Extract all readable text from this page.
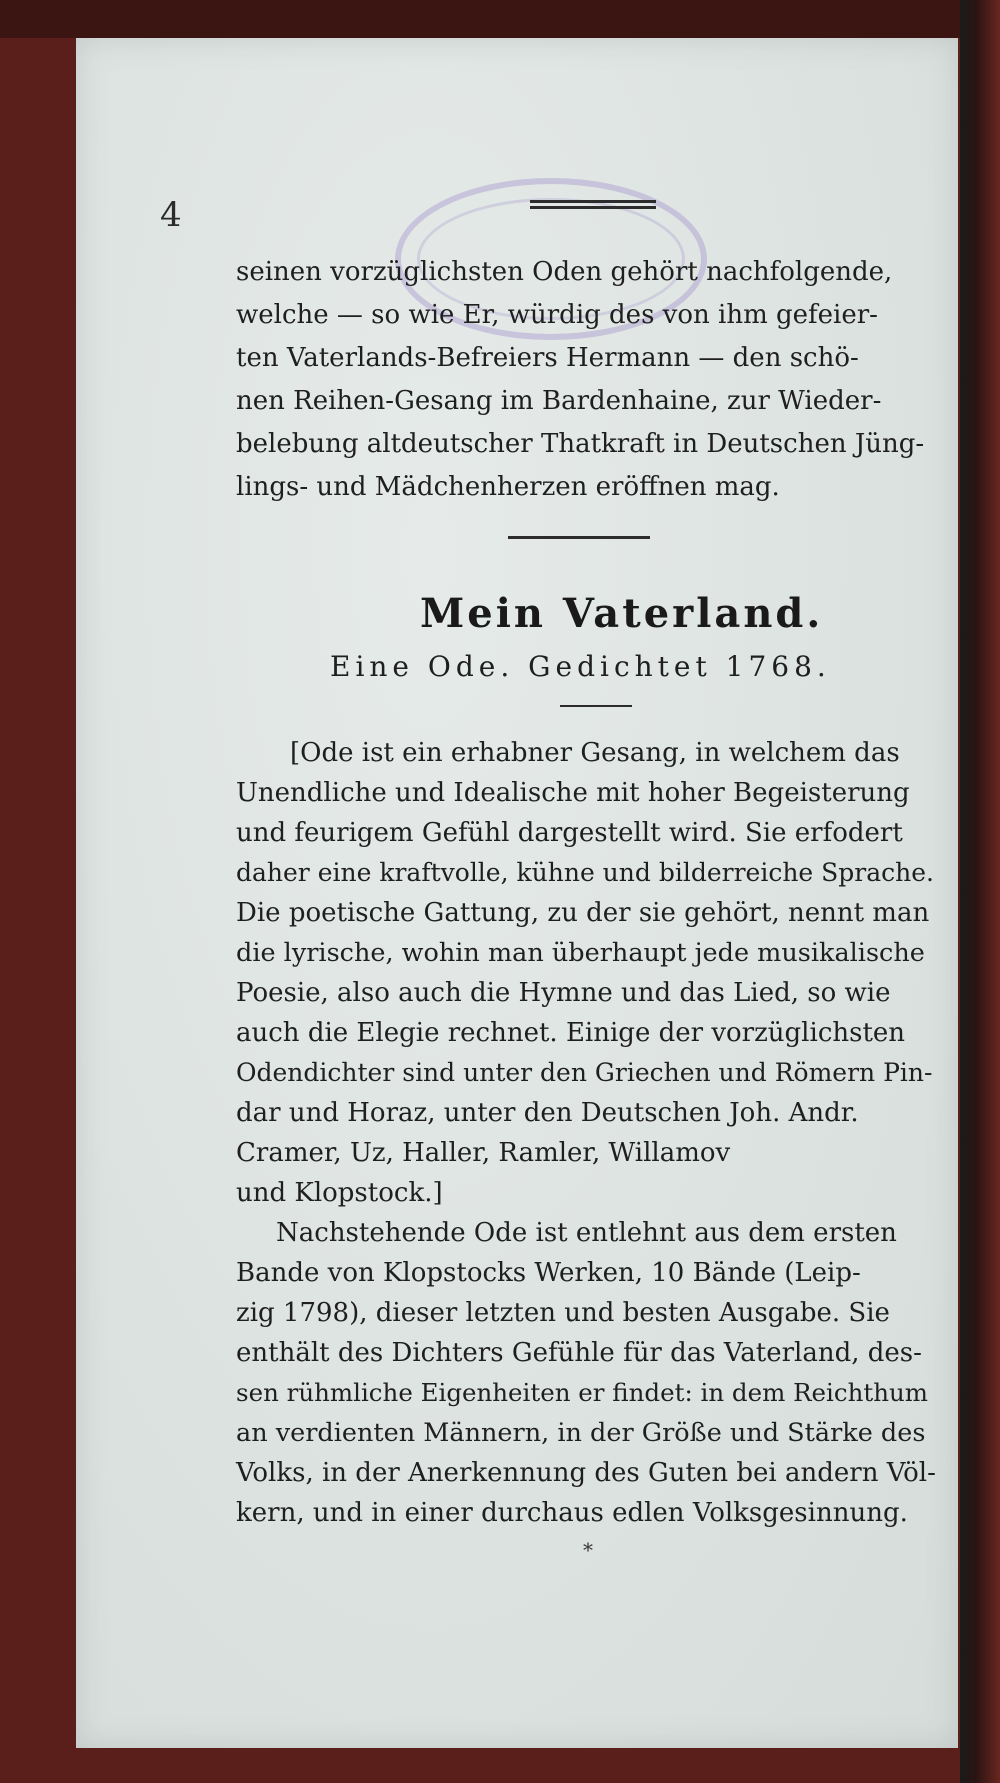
4
seinen vorzüglichsten Oden gehört nachfolgende,
welche — so wie Er, würdig des von ihm gefeier-
ten Vaterlands-Befreiers Hermann — den schö-
nen Reihen-Gesang im Bardenhaine, zur Wieder-
belebung altdeutscher Thatkraft in Deutschen Jüng-
lings- und Mädchenherzen eröffnen mag.
Mein Vaterland.
Eine Ode. Gedichtet 1768.
[Ode ist ein erhabner Gesang, in welchem das
Unendliche und Idealische mit hoher Begeisterung
und feurigem Gefühl dargestellt wird. Sie erfodert
daher eine kraftvolle, kühne und bilderreiche Sprache.
Die poetische Gattung, zu der sie gehört, nennt man
die lyrische, wohin man überhaupt jede musikalische
Poesie, also auch die Hymne und das Lied, so wie
auch die Elegie rechnet. Einige der vorzüglichsten
Odendichter sind unter den Griechen und Römern Pin-
dar und Horaz, unter den Deutschen Joh. Andr.
Cramer, Uz, Haller, Ramler, Willamov
und Klopstock.]
Nachstehende Ode ist entlehnt aus dem ersten
Bande von Klopstocks Werken, 10 Bände (Leip-
zig 1798), dieser letzten und besten Ausgabe. Sie
enthält des Dichters Gefühle für das Vaterland, des-
sen rühmliche Eigenheiten er findet: in dem Reichthum
an verdienten Männern, in der Größe und Stärke des
Volks, in der Anerkennung des Guten bei andern Völ-
kern, und in einer durchaus edlen Volksgesinnung.
*
